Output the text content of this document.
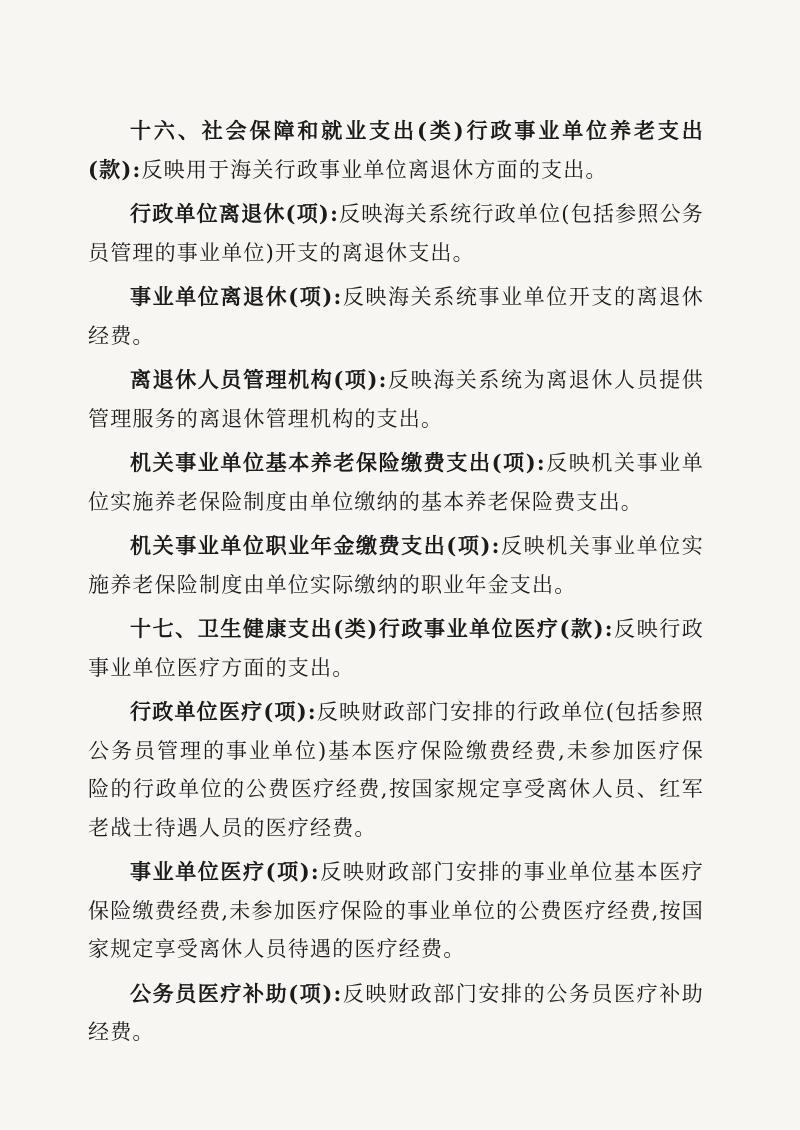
十六、社会保障和就业支出(类)行政事业单位养老支出(款):反映用于海关行政事业单位离退休方面的支出。

行政单位离退休(项):反映海关系统行政单位(包括参照公务员管理的事业单位)开支的离退休支出。

事业单位离退休(项):反映海关系统事业单位开支的离退休经费。

离退休人员管理机构(项):反映海关系统为离退休人员提供管理服务的离退休管理机构的支出。

机关事业单位基本养老保险缴费支出(项):反映机关事业单位实施养老保险制度由单位缴纳的基本养老保险费支出。

机关事业单位职业年金缴费支出(项):反映机关事业单位实施养老保险制度由单位实际缴纳的职业年金支出。

十七、卫生健康支出(类)行政事业单位医疗(款):反映行政事业单位医疗方面的支出。

行政单位医疗(项):反映财政部门安排的行政单位(包括参照公务员管理的事业单位)基本医疗保险缴费经费,未参加医疗保险的行政单位的公费医疗经费,按国家规定享受离休人员、红军老战士待遇人员的医疗经费。

事业单位医疗(项):反映财政部门安排的事业单位基本医疗保险缴费经费,未参加医疗保险的事业单位的公费医疗经费,按国家规定享受离休人员待遇的医疗经费。

公务员医疗补助(项):反映财政部门安排的公务员医疗补助经费。
